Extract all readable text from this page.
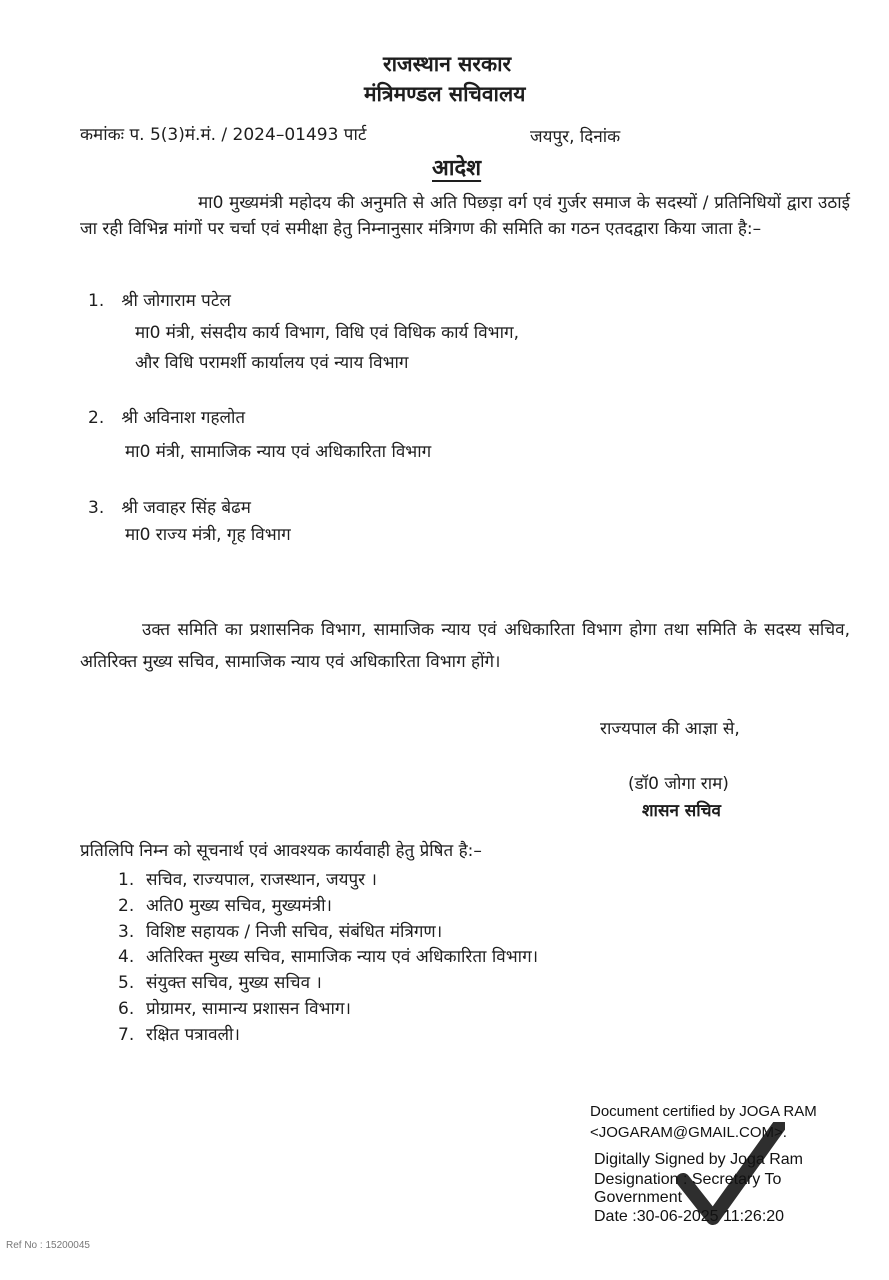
राजस्थान सरकार
मंत्रिमण्डल सचिवालय
कमांकः प. 5(3)मं.मं. / 2024–01493 पार्ट	जयपुर, दिनांक
आदेश
मा0 मुख्यमंत्री महोदय की अनुमति से अति पिछड़ा वर्ग एवं गुर्जर समाज के सदस्यों / प्रतिनिधियों द्वारा उठाई जा रही विभिन्न मांगों पर चर्चा एवं समीक्षा हेतु निम्नानुसार मंत्रिगण की समिति का गठन एतदद्वारा किया जाता है:–
1. श्री जोगाराम पटेल
मा0 मंत्री, संसदीय कार्य विभाग, विधि एवं विधिक कार्य विभाग,
और विधि परामर्शी कार्यालय एवं न्याय विभाग
2. श्री अविनाश गहलोत
मा0 मंत्री, सामाजिक न्याय एवं अधिकारिता विभाग
3. श्री जवाहर सिंह बेढम
मा0 राज्य मंत्री, गृह विभाग
उक्त समिति का प्रशासनिक विभाग, सामाजिक न्याय एवं अधिकारिता विभाग होगा तथा समिति के सदस्य सचिव, अतिरिक्त मुख्य सचिव, सामाजिक न्याय एवं अधिकारिता विभाग होंगे।
राज्यपाल की आज्ञा से,
(डॉ0 जोगा राम)
शासन सचिव
प्रतिलिपि निम्न को सूचनार्थ एवं आवश्यक कार्यवाही हेतु प्रेषित है:–
1. सचिव, राज्यपाल, राजस्थान, जयपुर ।
2. अति0 मुख्य सचिव, मुख्यमंत्री।
3. विशिष्ट सहायक / निजी सचिव, संबंधित मंत्रिगण।
4. अतिरिक्त मुख्य सचिव, सामाजिक न्याय एवं अधिकारिता विभाग।
5. संयुक्त सचिव, मुख्य सचिव ।
6. प्रोग्रामर, सामान्य प्रशासन विभाग।
7. रक्षित पत्रावली।
Document certified by JOGA RAM
<JOGARAM@GMAIL.COM>.
Digitally Signed by Joga Ram
Designation : Secretary To
Government
Date :30-06-2025 11:26:20
Ref No : 15200045
